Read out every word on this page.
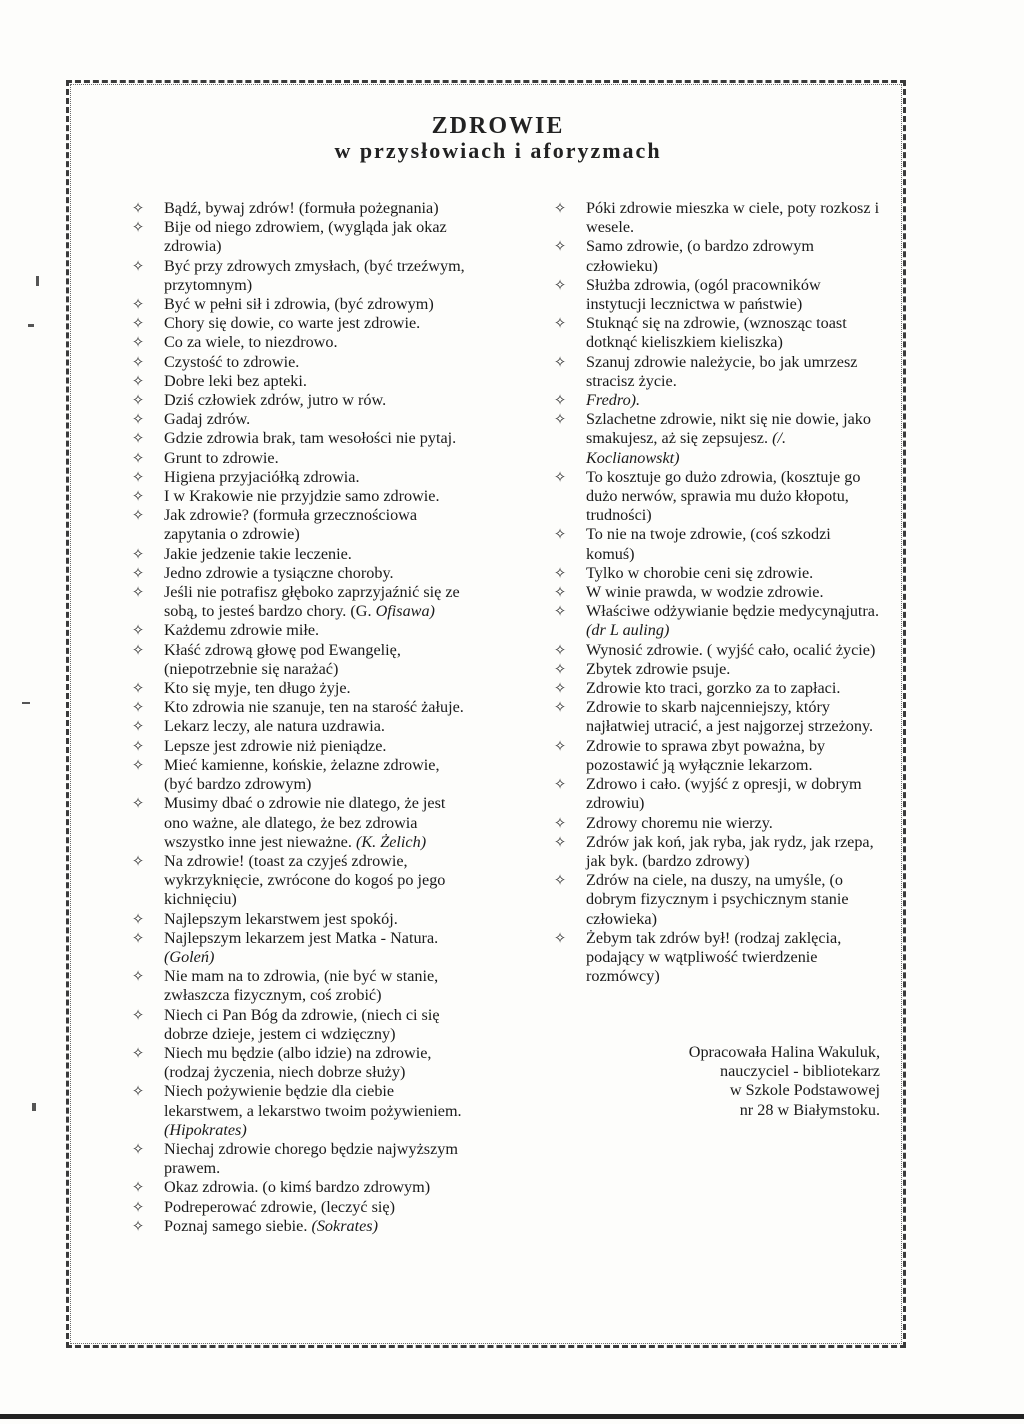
ZDROWIE
w przysłowiach i aforyzmach
✧ Bądź, bywaj zdrów! (formuła pożegnania)
✧ Bije od niego zdrowiem, (wygląda jak okaz zdrowia)
✧ Być przy zdrowych zmysłach, (być trzeźwym, przytomnym)
✧ Być w pełni sił i zdrowia, (być zdrowym)
✧ Chory się dowie, co warte jest zdrowie.
✧ Co za wiele, to niezdrowo.
✧ Czystość to zdrowie.
✧ Dobre leki bez apteki.
✧ Dziś człowiek zdrów, jutro w rów.
✧ Gadaj zdrów.
✧ Gdzie zdrowia brak, tam wesołości nie pytaj.
✧ Grunt to zdrowie.
✧ Higiena przyjaciółką zdrowia.
✧ I w Krakowie nie przyjdzie samo zdrowie.
✧ Jak zdrowie? (formuła grzecznościowa zapytania o zdrowie)
✧ Jakie jedzenie takie leczenie.
✧ Jedno zdrowie a tysiączne choroby.
✧ Jeśli nie potrafisz głęboko zaprzyjaźnić się ze sobą, to jesteś bardzo chory. (G. Ofisawa)
✧ Każdemu zdrowie miłe.
✧ Kłaść zdrową głowę pod Ewangelię, (niepotrzebnie się narażać)
✧ Kto się myje, ten długo żyje.
✧ Kto zdrowia nie szanuje, ten na starość żałuje.
✧ Lekarz leczy, ale natura uzdrawia.
✧ Lepsze jest zdrowie niż pieniądze.
✧ Mieć kamienne, końskie, żelazne zdrowie, (być bardzo zdrowym)
✧ Musimy dbać o zdrowie nie dlatego, że jest ono ważne, ale dlatego, że bez zdrowia wszystko inne jest nieważne. (K. Żelich)
✧ Na zdrowie! (toast za czyjeś zdrowie, wykrzyknięcie, zwrócone do kogoś po jego kichnięciu)
✧ Najlepszym lekarstwem jest spokój.
✧ Najlepszym lekarzem jest Matka - Natura. (Goleń)
✧ Nie mam na to zdrowia, (nie być w stanie, zwłaszcza fizycznym, coś zrobić)
✧ Niech ci Pan Bóg da zdrowie, (niech ci się dobrze dzieje, jestem ci wdzięczny)
✧ Niech mu będzie (albo idzie) na zdrowie, (rodzaj życzenia, niech dobrze służy)
✧ Niech pożywienie będzie dla ciebie lekarstwem, a lekarstwo twoim pożywieniem. (Hipokrates)
✧ Niechaj zdrowie chorego będzie najwyższym prawem.
✧ Okaz zdrowia. (o kimś bardzo zdrowym)
✧ Podreperować zdrowie, (leczyć się)
✧ Poznaj samego siebie. (Sokrates)
✧ Póki zdrowie mieszka w ciele, poty rozkosz i wesele.
✧ Samo zdrowie, (o bardzo zdrowym człowieku)
✧ Służba zdrowia, (ogól pracowników instytucji lecznictwa w państwie)
✧ Stuknąć się na zdrowie, (wznosząc toast dotknąć kieliszkiem kieliszka)
✧ Szanuj zdrowie należycie, bo jak umrzesz stracisz życie.
✧ Fredro).
✧ Szlachetne zdrowie, nikt się nie dowie, jako smakujesz, aż się zepsujesz. (/. Koclianowskt)
✧ To kosztuje go dużo zdrowia, (kosztuje go dużo nerwów, sprawia mu dużo kłopotu, trudności)
✧ To nie na twoje zdrowie, (coś szkodzi komuś)
✧ Tylko w chorobie ceni się zdrowie.
✧ W winie prawda, w wodzie zdrowie.
✧ Właściwe odżywianie będzie medycynąjutra. (dr L auling)
✧ Wynosić zdrowie. ( wyjść cało, ocalić życie)
✧ Zbytek zdrowie psuje.
✧ Zdrowie kto traci, gorzko za to zapłaci.
✧ Zdrowie to skarb najcenniejszy, który najłatwiej utracić, a jest najgorzej strzeżony.
✧ Zdrowie to sprawa zbyt poważna, by pozostawić ją wyłącznie lekarzom.
✧ Zdrowo i cało. (wyjść z opresji, w dobrym zdrowiu)
✧ Zdrowy choremu nie wierzy.
✧ Zdrów jak koń, jak ryba, jak rydz, jak rzepa, jak byk. (bardzo zdrowy)
✧ Zdrów na ciele, na duszy, na umyśle, (o dobrym fizycznym i psychicznym stanie człowieka)
✧ Żebym tak zdrów był! (rodzaj zaklęcia, podający w wątpliwość twierdzenie rozmówcy)
Opracowała Halina Wakuluk,
nauczyciel - bibliotekarz
w Szkole Podstawowej
nr 28 w Białymstoku.
